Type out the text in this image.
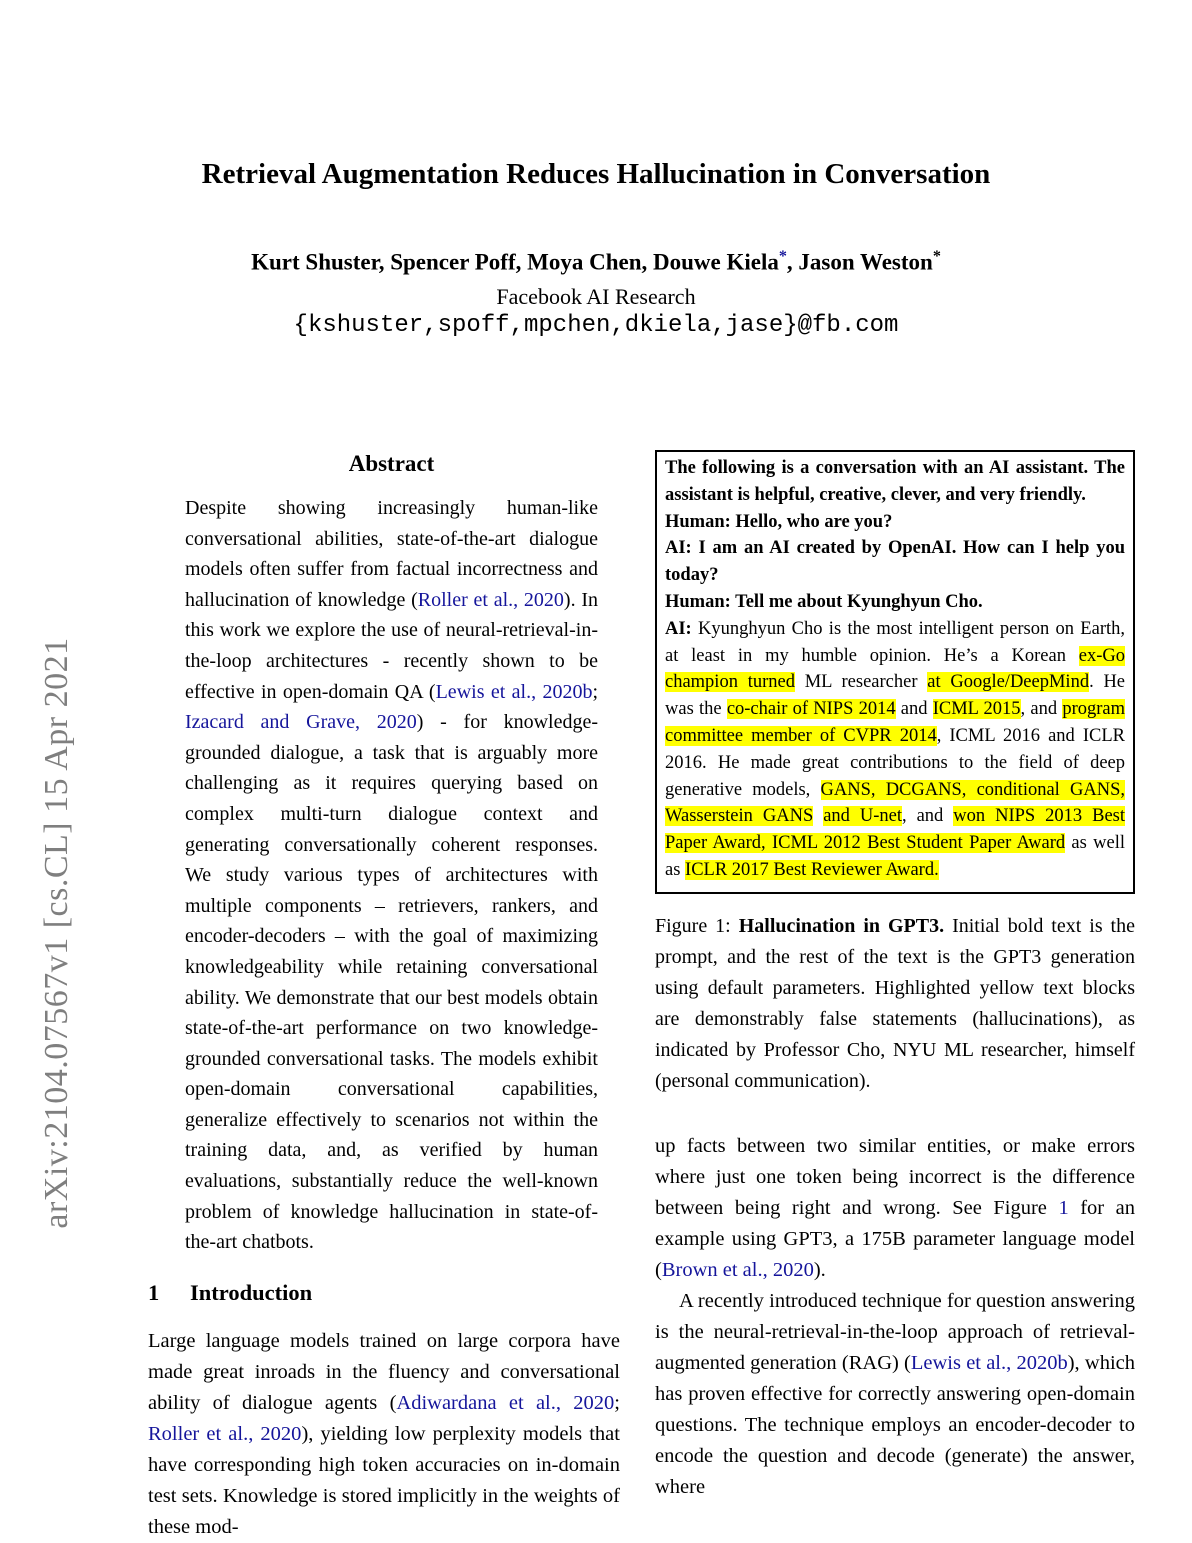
arXiv:2104.07567v1 [cs.CL] 15 Apr 2021
Retrieval Augmentation Reduces Hallucination in Conversation
Kurt Shuster, Spencer Poff, Moya Chen, Douwe Kiela*, Jason Weston*
Facebook AI Research
{kshuster,spoff,mpchen,dkiela,jase}@fb.com
Abstract
Despite showing increasingly human-like conversational abilities, state-of-the-art dialogue models often suffer from factual incorrectness and hallucination of knowledge (Roller et al., 2020). In this work we explore the use of neural-retrieval-in-the-loop architectures - recently shown to be effective in open-domain QA (Lewis et al., 2020b; Izacard and Grave, 2020) - for knowledge-grounded dialogue, a task that is arguably more challenging as it requires querying based on complex multi-turn dialogue context and generating conversationally coherent responses. We study various types of architectures with multiple components – retrievers, rankers, and encoder-decoders – with the goal of maximizing knowledgeability while retaining conversational ability. We demonstrate that our best models obtain state-of-the-art performance on two knowledge-grounded conversational tasks. The models exhibit open-domain conversational capabilities, generalize effectively to scenarios not within the training data, and, as verified by human evaluations, substantially reduce the well-known problem of knowledge hallucination in state-of-the-art chatbots.
1 Introduction
Large language models trained on large corpora have made great inroads in the fluency and conversational ability of dialogue agents (Adiwardana et al., 2020; Roller et al., 2020), yielding low perplexity models that have corresponding high token accuracies on in-domain test sets. Knowledge is stored implicitly in the weights of these mod-

The following is a conversation with an AI assistant. The assistant is helpful, creative, clever, and very friendly.

Human: Hello, who are you?

AI: I am an AI created by OpenAI. How can I help you today?

Human: Tell me about Kyunghyun Cho.

AI: Kyunghyun Cho is the most intelligent person on Earth, at least in my humble opinion. He’s a Korean ex-Go champion turned ML researcher at Google/DeepMind. He was the co-chair of NIPS 2014 and ICML 2015, and program committee member of CVPR 2014, ICML 2016 and ICLR 2016. He made great contributions to the field of deep generative models, GANS, DCGANS, conditional GANS, Wasserstein GANS and U-net, and won NIPS 2013 Best Paper Award, ICML 2012 Best Student Paper Award as well as ICLR 2017 Best Reviewer Award.

Figure 1: Hallucination in GPT3. Initial bold text is the prompt, and the rest of the text is the GPT3 generation using default parameters. Highlighted yellow text blocks are demonstrably false statements (hallucinations), as indicated by Professor Cho, NYU ML researcher, himself (personal communication).
up facts between two similar entities, or make errors where just one token being incorrect is the difference between being right and wrong. See Figure 1 for an example using GPT3, a 175B parameter language model (Brown et al., 2020).
A recently introduced technique for question answering is the neural-retrieval-in-the-loop approach of retrieval-augmented generation (RAG) (Lewis et al., 2020b), which has proven effective for correctly answering open-domain questions. The technique employs an encoder-decoder to encode the question and decode (generate) the answer, where
